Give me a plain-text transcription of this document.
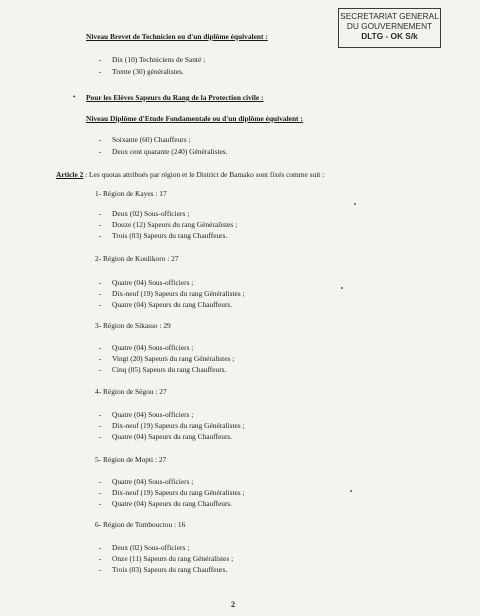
SECRETARIAT GENERAL
DU GOUVERNEMENT
DLTG - OK S/k
Niveau Brevet de Technicien ou d'un diplôme équivalent :
- Dix (10) Techniciens de Santé ;
- Trente (30) généralistes.
• Pour les Elèves Sapeurs du Rang de la Protection civile :
Niveau Diplôme d'Etude Fondamentale ou d'un diplôme équivalent :
- Soixante (60) Chauffeurs ;
- Deux cent quarante (240) Généralistes.
Article 2 : Les quotas attribués par région et le District de Bamako sont fixés comme suit :
1- Région de Kayes : 17
- Deux (02) Sous-officiers ;
- Douze (12) Sapeurs du rang Généralistes ;
- Trois (03) Sapeurs du rang Chauffeurs.
2- Région de Koulikoro : 27
- Quatre (04) Sous-officiers ;
- Dix-neuf (19) Sapeurs du rang Généralistes ;
- Quatre (04) Sapeurs du rang Chauffeurs.
3- Région de Sikasso : 29
- Quatre (04) Sous-officiers ;
- Vingt (20) Sapeurs du rang Généralistes ;
- Cinq (05) Sapeurs du rang Chauffeurs.
4- Région de Ségou : 27
- Quatre (04) Sous-officiers ;
- Dix-neuf (19) Sapeurs du rang Généralistes ;
- Quatre (04) Sapeurs du rang Chauffeurs.
5- Région de Mopti : 27
- Quatre (04) Sous-officiers ;
- Dix-neuf (19) Sapeurs du rang Généralistes ;
- Quatre (04) Sapeurs du rang Chauffeurs.
6- Région de Tombouctou : 16
- Deux (02) Sous-officiers ;
- Onze (11) Sapeurs du rang Généralistes ;
- Trois (03) Sapeurs du rang Chauffeurs.
2
